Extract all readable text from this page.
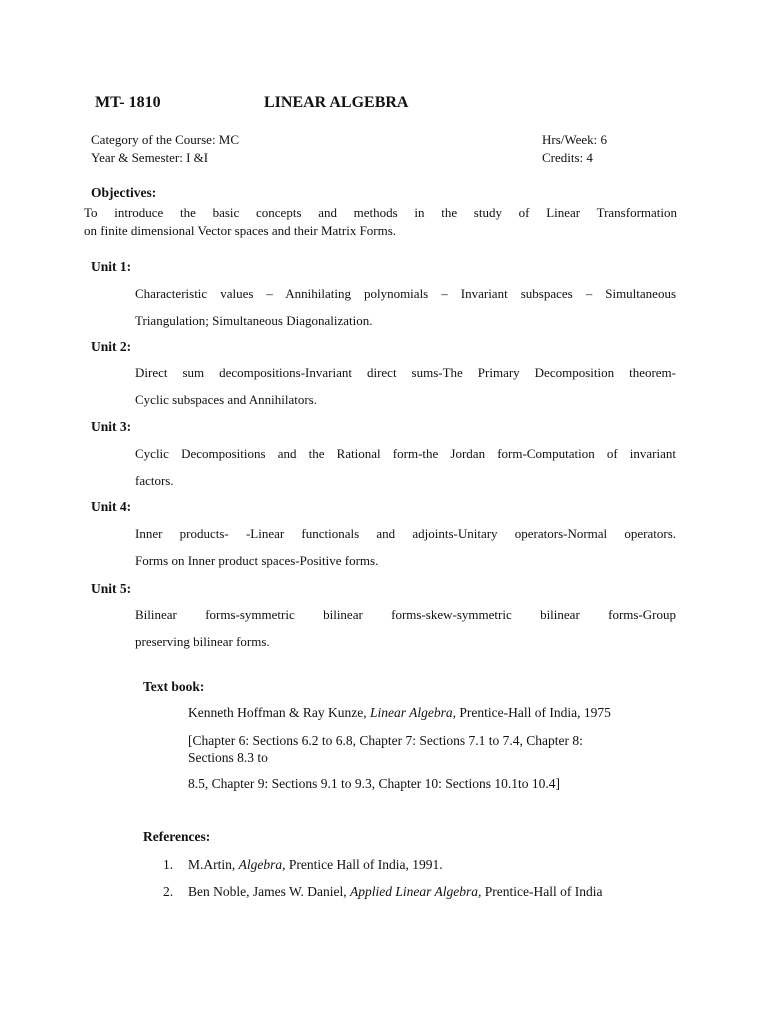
MT- 1810	LINEAR ALGEBRA
Category of the Course: MC	Hrs/Week: 6
Year & Semester: I &I	Credits: 4
Objectives:
To introduce the basic concepts and methods in the study of Linear Transformation
on finite dimensional Vector spaces and their Matrix Forms.
Unit 1:
Characteristic values – Annihilating polynomials – Invariant subspaces – Simultaneous
Triangulation; Simultaneous Diagonalization.
Unit 2:
Direct sum decompositions-Invariant direct sums-The Primary Decomposition theorem-
Cyclic subspaces and Annihilators.
Unit 3:
Cyclic Decompositions and the Rational form-the Jordan form-Computation of invariant
factors.
Unit 4:
Inner products- -Linear functionals and adjoints-Unitary operators-Normal operators.
Forms on Inner product spaces-Positive forms.
Unit 5:
Bilinear forms-symmetric bilinear forms-skew-symmetric bilinear forms-Group
preserving bilinear forms.
Text book:
Kenneth Hoffman & Ray Kunze, Linear Algebra, Prentice-Hall of India, 1975
[Chapter 6: Sections 6.2 to 6.8, Chapter 7: Sections 7.1 to 7.4, Chapter 8:
Sections 8.3 to
8.5, Chapter 9: Sections 9.1 to 9.3, Chapter 10: Sections 10.1to 10.4]
References:
1. M.Artin, Algebra, Prentice Hall of India, 1991.
2. Ben Noble, James W. Daniel, Applied Linear Algebra, Prentice-Hall of India
